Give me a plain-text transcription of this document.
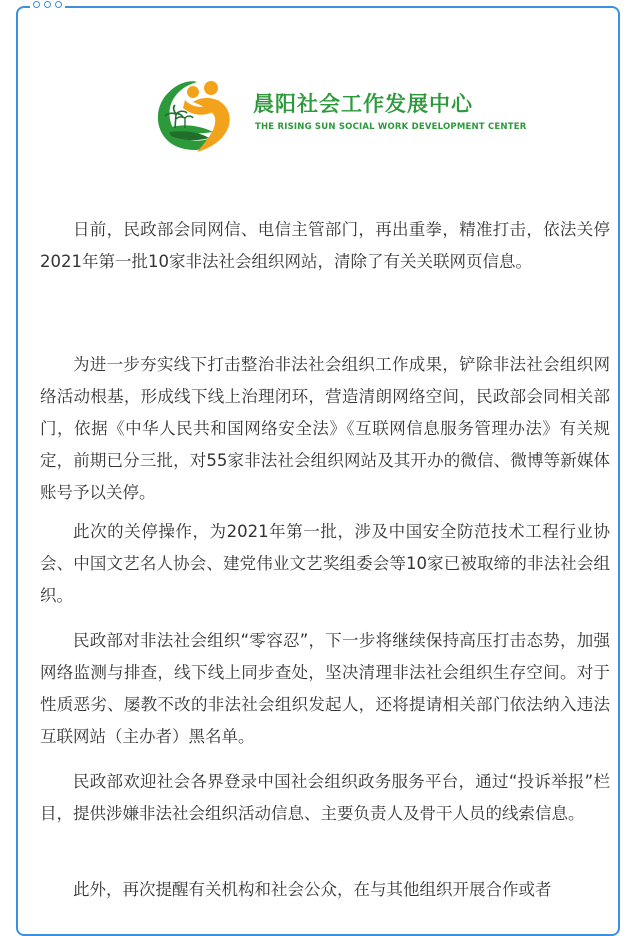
晨阳社会工作发展中心
THE RISING SUN SOCIAL WORK DEVELOPMENT CENTER

日前，民政部会同网信、电信主管部门，再出重拳，精准打击，依法关停2021年第一批10家非法社会组织网站，清除了有关关联网页信息。

为进一步夯实线下打击整治非法社会组织工作成果，铲除非法社会组织网络活动根基，形成线下线上治理闭环，营造清朗网络空间，民政部会同相关部门，依据《中华人民共和国网络安全法》《互联网信息服务管理办法》有关规定，前期已分三批，对55家非法社会组织网站及其开办的微信、微博等新媒体账号予以关停。

此次的关停操作，为2021年第一批，涉及中国安全防范技术工程行业协会、中国文艺名人协会、建党伟业文艺奖组委会等10家已被取缔的非法社会组织。

民政部对非法社会组织“零容忍”，下一步将继续保持高压打击态势，加强网络监测与排查，线下线上同步查处，坚决清理非法社会组织生存空间。对于性质恶劣、屡教不改的非法社会组织发起人，还将提请相关部门依法纳入违法互联网站（主办者）黑名单。

民政部欢迎社会各界登录中国社会组织政务服务平台，通过“投诉举报”栏目，提供涉嫌非法社会组织活动信息、主要负责人及骨干人员的线索信息。

此外，再次提醒有关机构和社会公众，在与其他组织开展合作或者
